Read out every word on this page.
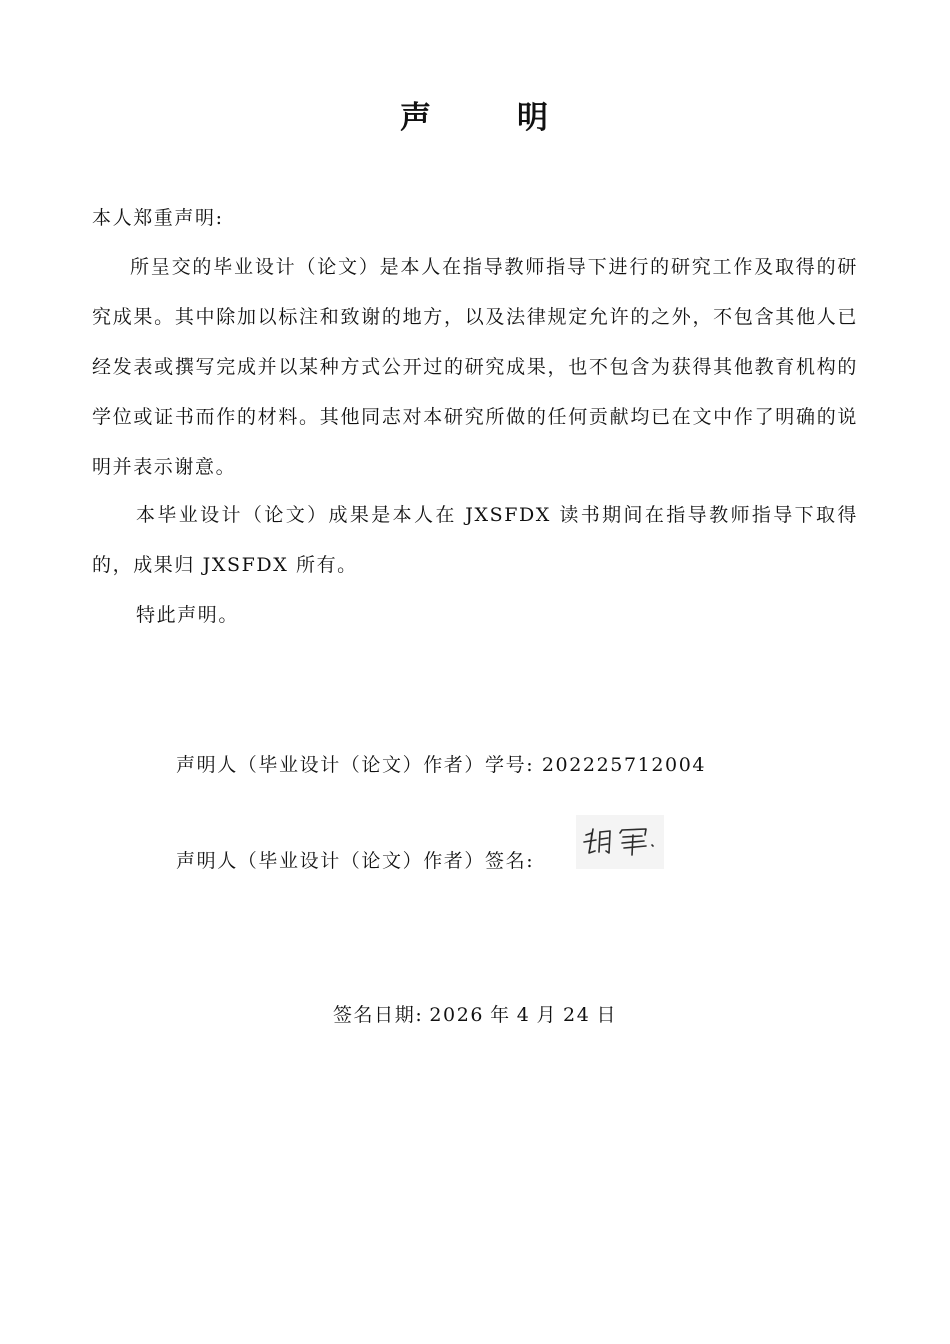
声	明
本人郑重声明:
所呈交的毕业设计（论文）是本人在指导教师指导下进行的研究工作及取得的研究成果。其中除加以标注和致谢的地方，以及法律规定允许的之外，不包含其他人已经发表或撰写完成并以某种方式公开过的研究成果，也不包含为获得其他教育机构的学位或证书而作的材料。其他同志对本研究所做的任何贡献均已在文中作了明确的说明并表示谢意。
本毕业设计（论文）成果是本人在 JXSFDX 读书期间在指导教师指导下取得的，成果归 JXSFDX 所有。
特此声明。
声明人（毕业设计（论文）作者）学号: 202225712004
声明人（毕业设计（论文）作者）签名:
签名日期: 2026 年 4 月 24 日
